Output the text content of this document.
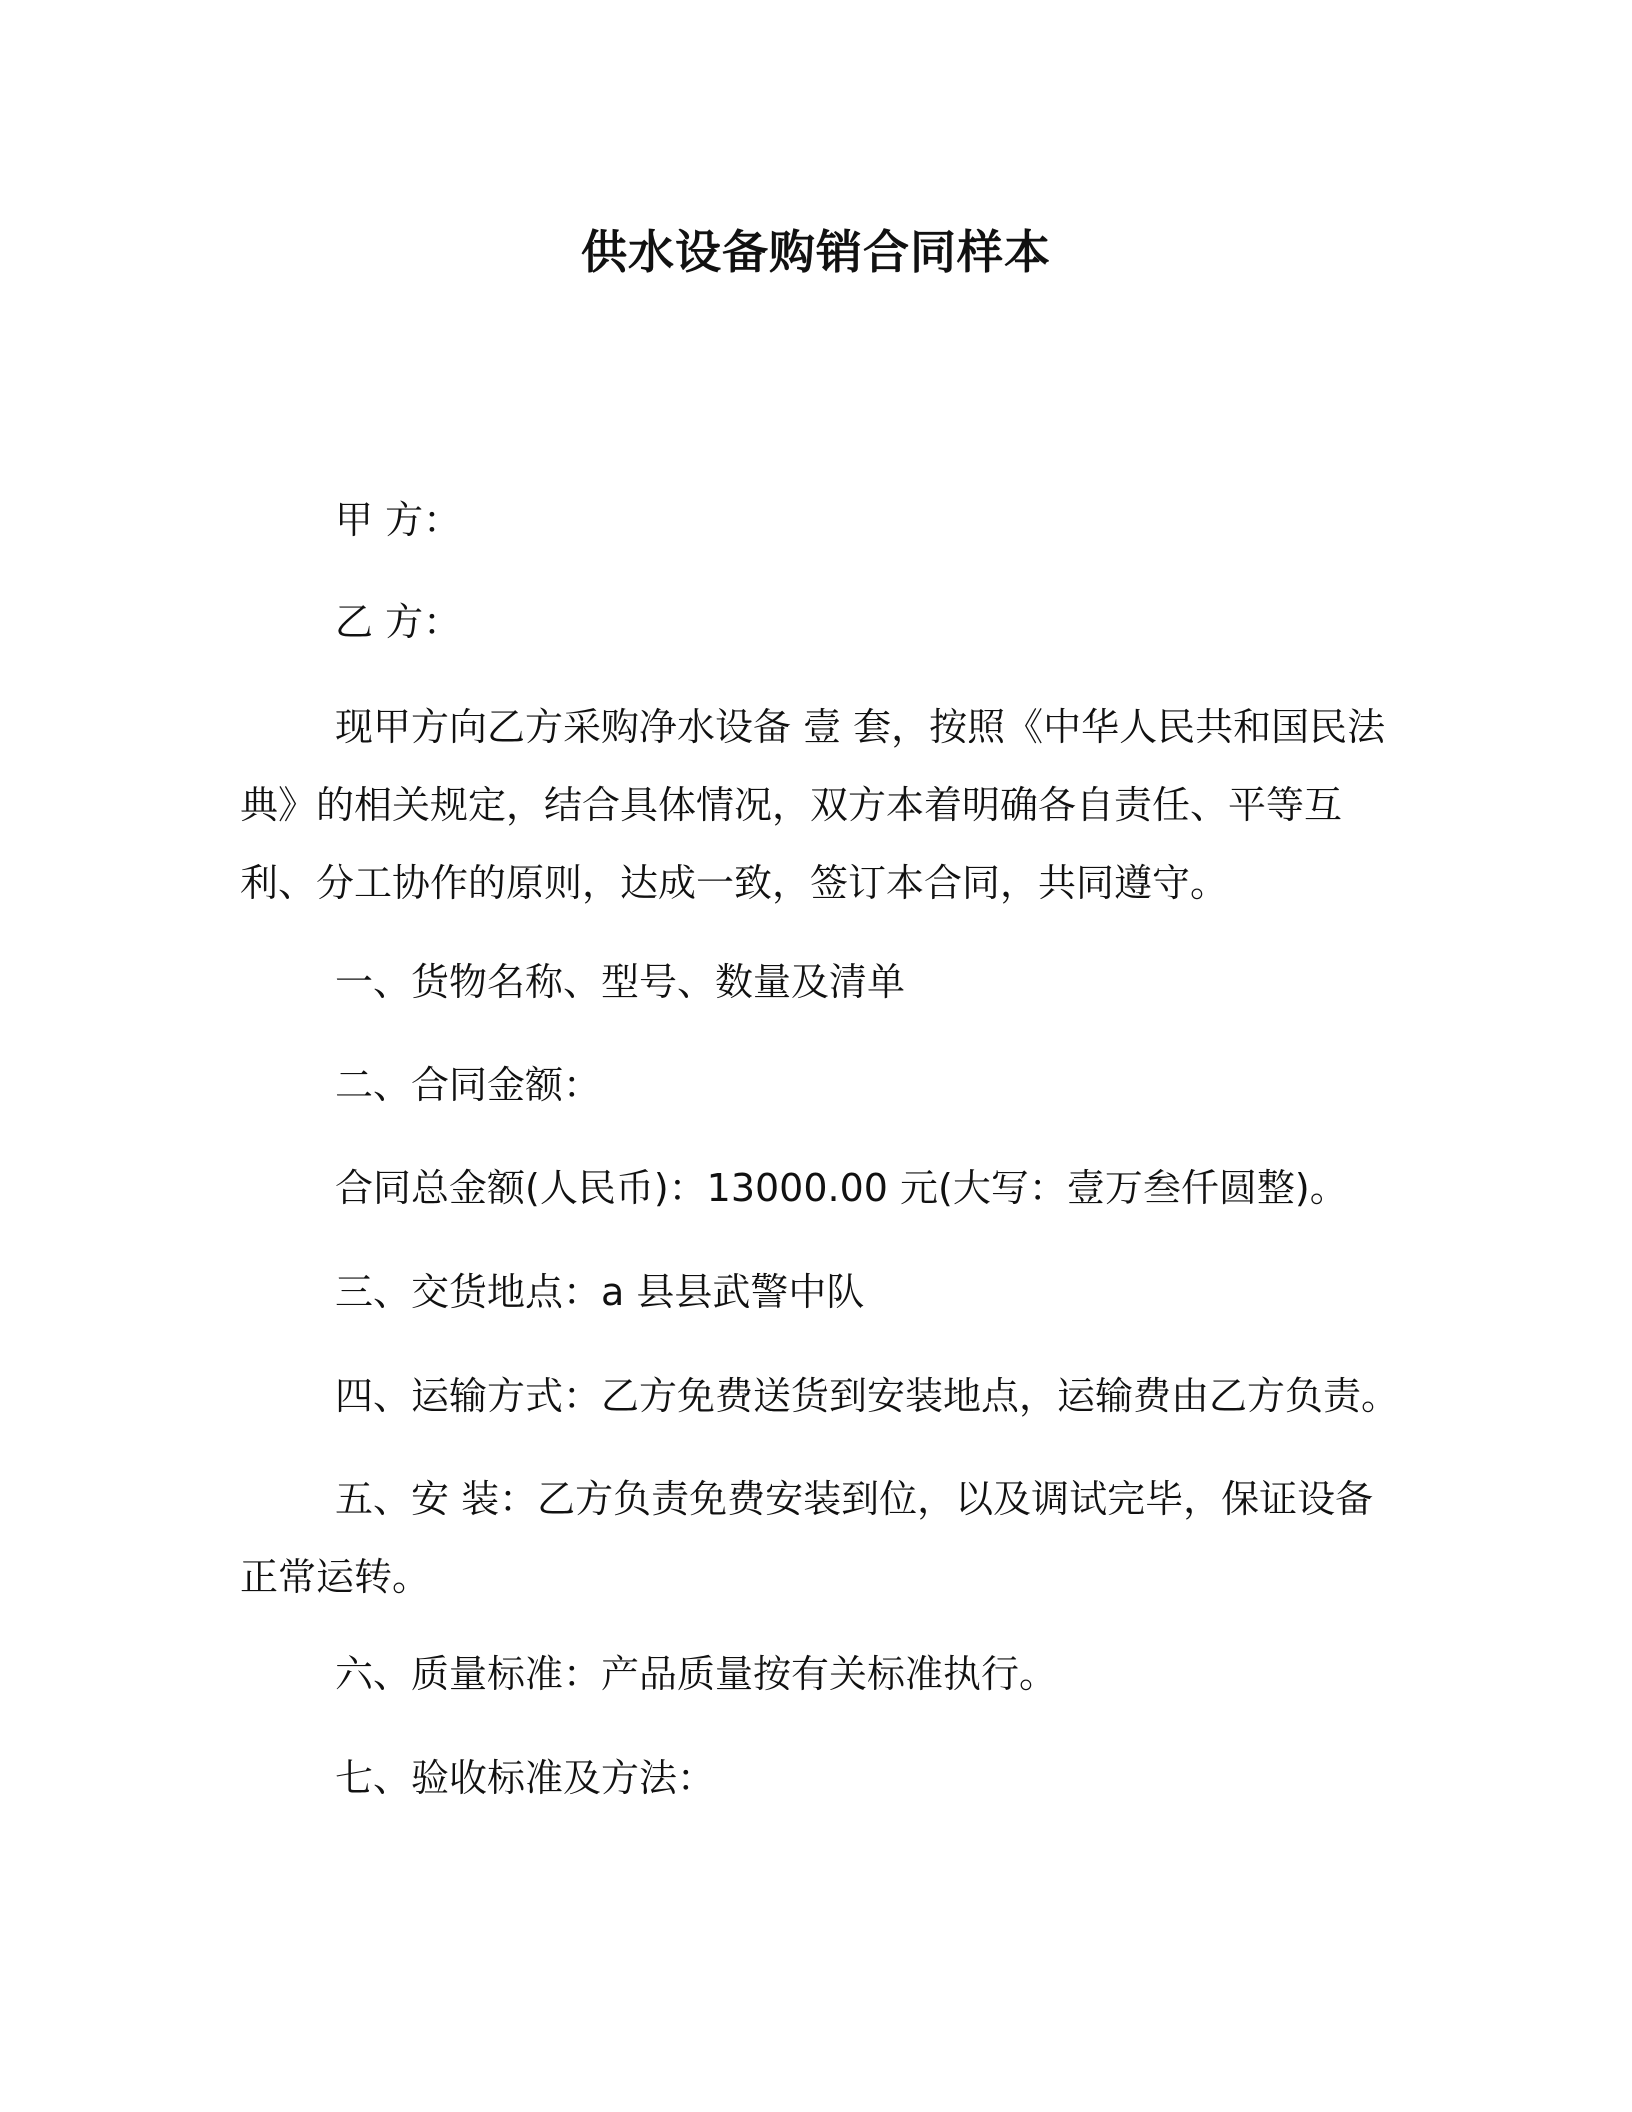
供水设备购销合同样本
甲 方：
乙 方：
现甲方向乙方采购净水设备 壹 套，按照《中华人民共和国民法典》的相关规定，结合具体情况，双方本着明确各自责任、平等互利、分工协作的原则，达成一致，签订本合同，共同遵守。
一、货物名称、型号、数量及清单
二、合同金额：
合同总金额(人民币)：13000.00 元(大写：壹万叁仟圆整)。
三、交货地点：a 县县武警中队
四、运输方式：乙方免费送货到安装地点，运输费由乙方负责。
五、安 装：乙方负责免费安装到位，以及调试完毕，保证设备正常运转。
六、质量标准：产品质量按有关标准执行。
七、验收标准及方法：
